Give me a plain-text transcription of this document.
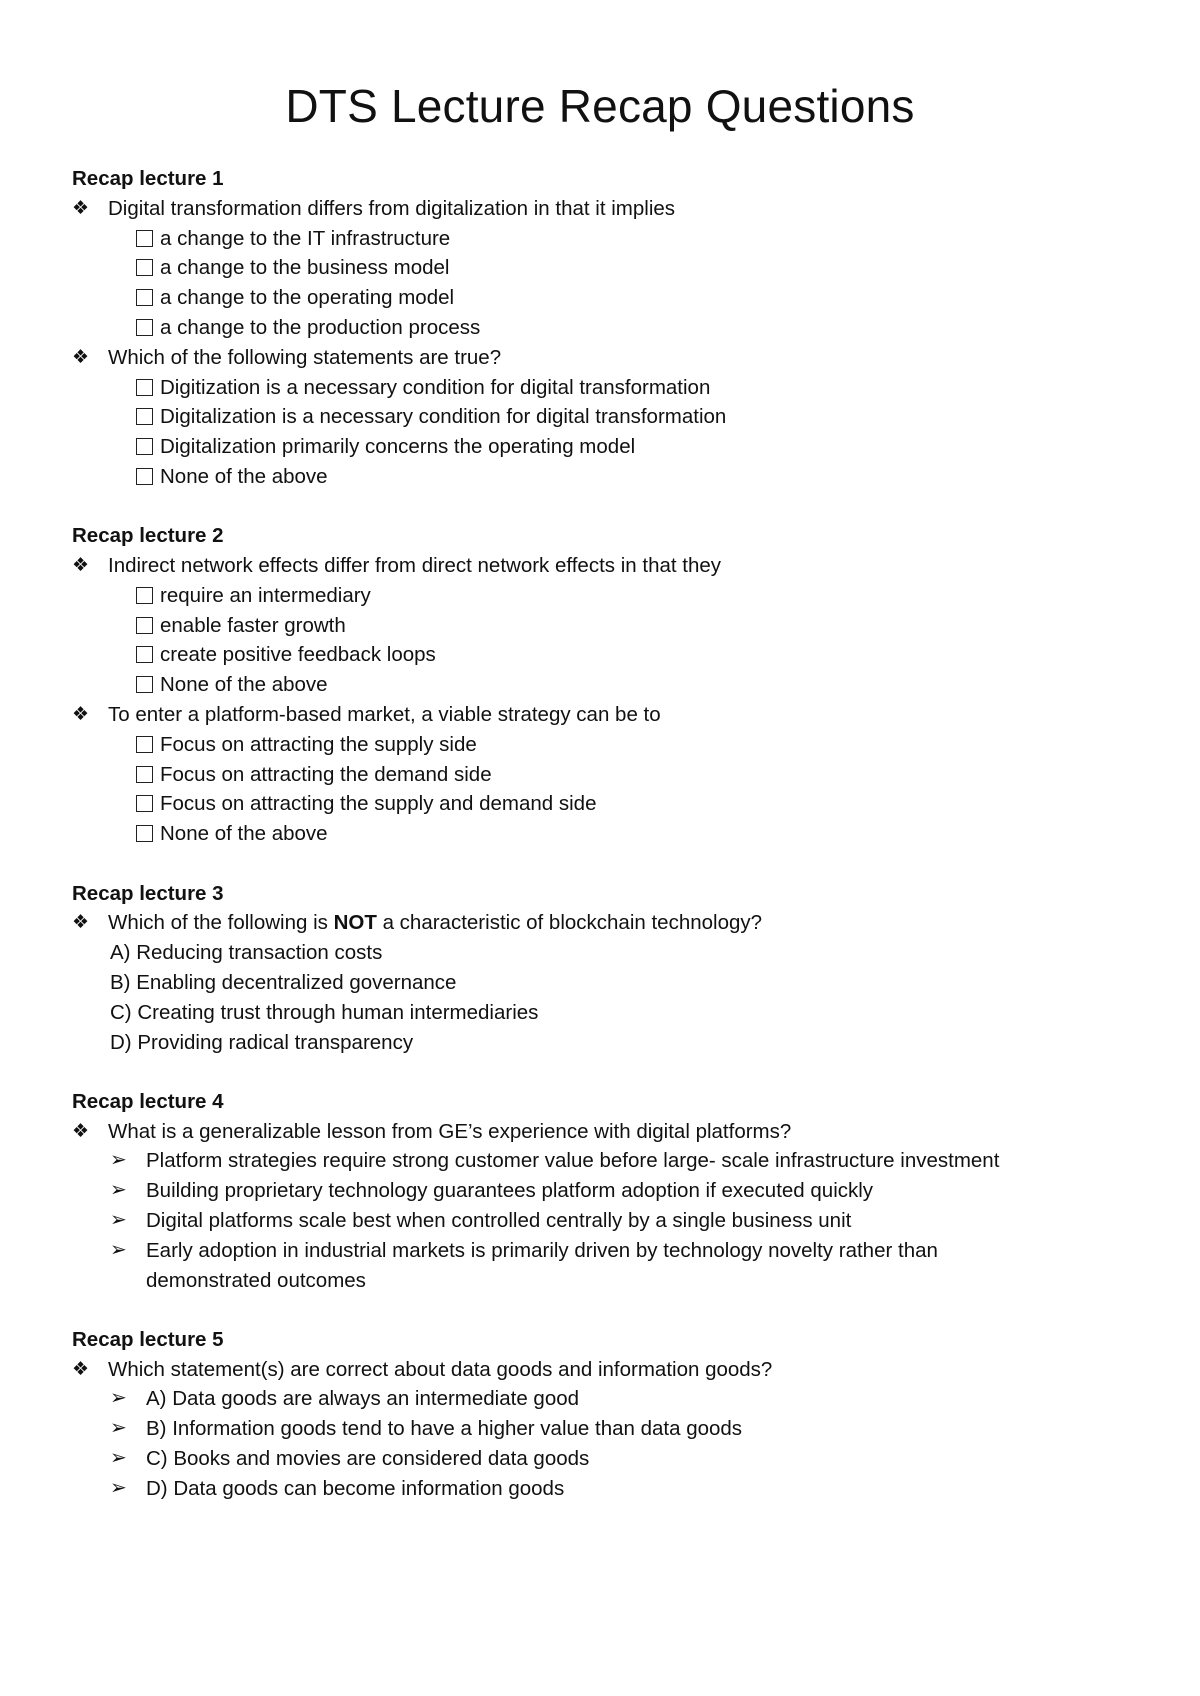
DTS Lecture Recap Questions
Recap lecture 1
❖ Digital transformation differs from digitalization in that it implies
a change to the IT infrastructure
a change to the business model
a change to the operating model
a change to the production process
❖ Which of the following statements are true?
Digitization is a necessary condition for digital transformation
Digitalization is a necessary condition for digital transformation
Digitalization primarily concerns the operating model
None of the above
Recap lecture 2
❖ Indirect network effects differ from direct network effects in that they
require an intermediary
enable faster growth
create positive feedback loops
None of the above
❖ To enter a platform-based market, a viable strategy can be to
Focus on attracting the supply side
Focus on attracting the demand side
Focus on attracting the supply and demand side
None of the above
Recap lecture 3
❖ Which of the following is NOT a characteristic of blockchain technology?
A) Reducing transaction costs
B) Enabling decentralized governance
C) Creating trust through human intermediaries
D) Providing radical transparency
Recap lecture 4
❖ What is a generalizable lesson from GE’s experience with digital platforms?
➢ Platform strategies require strong customer value before large- scale infrastructure investment
➢ Building proprietary technology guarantees platform adoption if executed quickly
➢ Digital platforms scale best when controlled centrally by a single business unit
➢ Early adoption in industrial markets is primarily driven by technology novelty rather than
demonstrated outcomes
Recap lecture 5
❖ Which statement(s) are correct about data goods and information goods?
➢ A) Data goods are always an intermediate good
➢ B) Information goods tend to have a higher value than data goods
➢ C) Books and movies are considered data goods
➢ D) Data goods can become information goods
